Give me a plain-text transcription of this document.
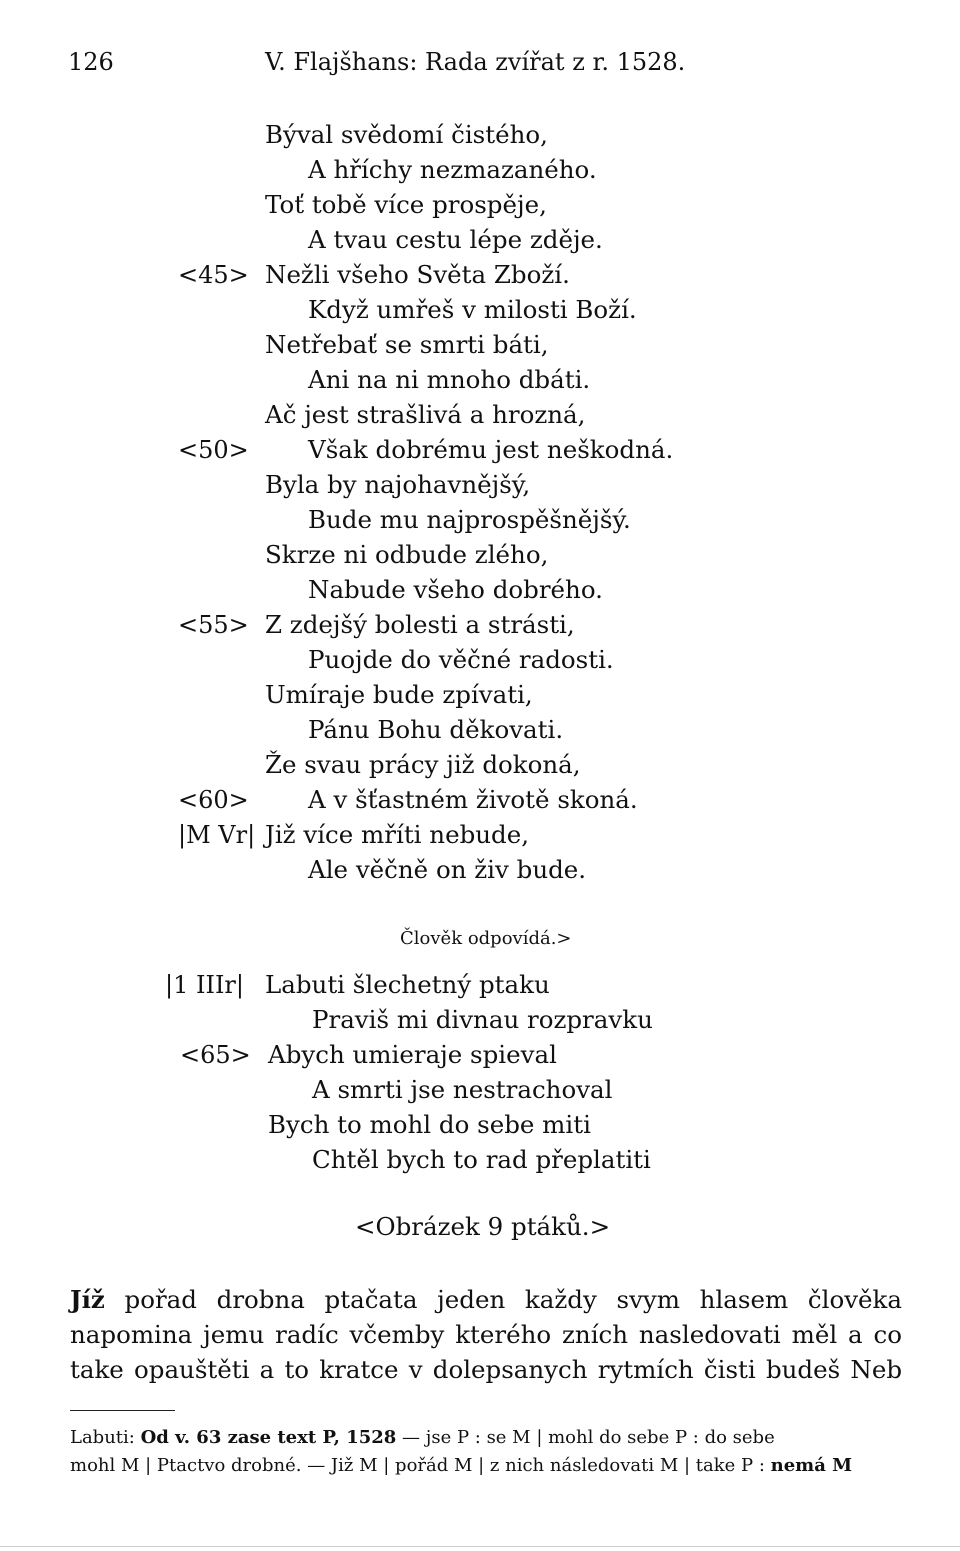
126	V. Flajšhans: Rada zvířat z r. 1528.
Býval svědomí čistého,
A hříchy nezmazaného.
Toť tobě více prospěje,
A tvau cestu lépe zděje.
<45> Nežli všeho Světa Zboží.
Když umřeš v milosti Boží.
Netřebať se smrti báti,
Ani na ni mnoho dbáti.
Ač jest strašlivá a hrozná,
<50> Však dobrému jest neškodná.
Byla by najohavnějšý,
Bude mu najprospěšnějšý.
Skrze ni odbude zlého,
Nabude všeho dobrého.
<55> Z zdejšý bolesti a strásti,
Puojde do věčné radosti.
Umíraje bude zpívati,
Pánu Bohu děkovati.
Že svau prácy již dokoná,
<60> A v šťastném životě skoná.
|M Vr| Již více mříti nebude,
Ale věčně on živ bude.
Člověk odpovídá.>
|1 IIIr| Labuti šlechetný ptaku
Praviš mi divnau rozpravku
<65> Abych umieraje spieval
A smrti jse nestrachoval
Bych to mohl do sebe miti
Chtěl bych to rad přeplatiti
<Obrázek 9 ptáků.>
Jíž pořad drobna ptačata jeden každy svym hlasem člověka
napomina jemu radíc včemby kterého zních nasledovati měl a co
take opauštěti a to kratce v dolepsanych rytmích čisti budeš Neb
Labuti: Od v. 63 zase text P, 1528 — jse P : se M | mohl do sebe P : do sebe
mohl M | Ptactvo drobné. — Již M | pořád M | z nich následovati M | take P : nemá M
